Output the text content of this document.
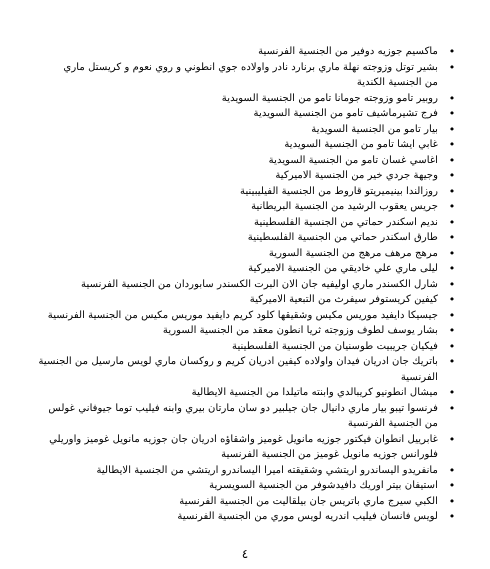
•
ماكسيم جوزيه دوفير من الجنسية الفرنسية
•
بشير توتل وزوجته نهلة ماري برنارد نادر واولاده جوي انطوني و روي نعوم و كريستل ماري
من الجنسية الكندية
•
روبير تامو وزوجته جومانا تامو من الجنسية السويدية
•
فرج تشيرماشيف تامو من الجنسية السويدية
•
بيار تامو من الجنسية السويدية
•
غابي ايشا تامو من الجنسية السويدية
•
اغاسي غسان تامو من الجنسية السويدية
•
وجيهة جردي خير من الجنسية الاميركية
•
روزالندا بينيميريتو قاروط من الجنسية الفيليبينية
•
جريس يعقوب الرشيد من الجنسية البريطانية
•
نديم اسكندر حماتي من الجنسية الفلسطينية
•
طارق اسكندر حماتي من الجنسية الفلسطينية
•
مرهج مرهف مرهج من الجنسية السورية
•
ليلى ماري علي خاديقي من الجنسية الاميركية
•
شارل الكسندر ماري اوليفيه جان الان البرت الكسندر سابوردان من الجنسية الفرنسية
•
كيفين كريستوفر سيفرث من التبعية الاميركية
•
جيسيكا دايفيد موريس مكيس وشقيقها كلود كريم دايفيد موريس مكيس من الجنسية الفرنسية
•
بشار يوسف لطوف وزوجته ثريا انطون معقد من الجنسية السورية
•
فيكيان جريبيت طوسنيان من الجنسية الفلسطينية
•
باتريك جان ادريان فيدان واولاده كيفين ادريان كريم و روكسان ماري لويس مارسيل من الجنسية
الفرنسية
•
ميشال انطونيو كريبالدي وابنته ماتيلدا من الجنسية الايطالية
•
فرنسوا تيبو بيار ماري دانيال جان جيلبير دو سان مارتان بيري وابنه فيليب توما جيوفاني غولس
من الجنسية الفرنسية
•
غابرييل انطوان فيكتور جوزيه مانويل غوميز واشقاؤه ادريان جان جوزيه مانويل غوميز واوريلي
فلورانس جوزيه مانويل غوميز من الجنسية الفرنسية
•
مانفريدو اليساندرو اريتشي وشقيقته اميرا اليساندرو اريتشي من الجنسية الايطالية
•
استيفان بيتر اوريك دافيدشوفر من الجنسية السويسرية
•
الكبي سيرج ماري باتريس جان بيلقاليت من الجنسية الفرنسية
•
لويس فانسان فيليب اندريه لويس موري من الجنسية الفرنسية
٤
